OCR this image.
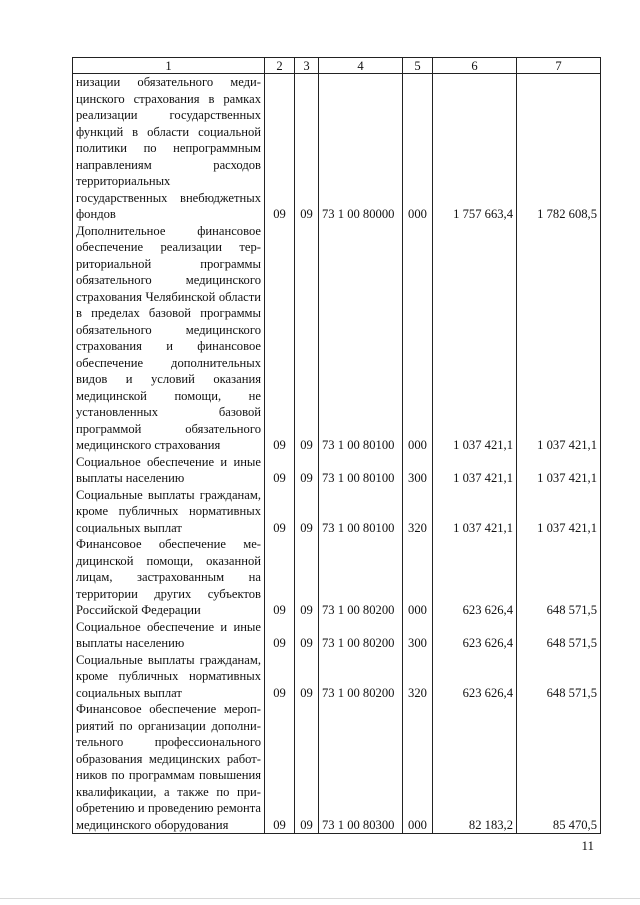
1	2	3	4	5	6	7
низации обязательного медицинского страхования в рамках реализации государственных функций в области социальной политики по непрограммным направлениям расходов территориальных государственных внебюджетных фондов	09	09	73 1 00 80000	000	1 757 663,4	1 782 608,5
Дополнительное финансовое обеспечение реализации территориальной программы обязательного медицинского страхования Челябинской области в пределах базовой программы обязательного медицинского страхования и финансовое обеспечение дополнительных видов и условий оказания медицинской помощи, не установленных базовой программой обязательного медицинского страхования	09	09	73 1 00 80100	000	1 037 421,1	1 037 421,1
Социальное обеспечение и иные выплаты населению	09	09	73 1 00 80100	300	1 037 421,1	1 037 421,1
Социальные выплаты гражданам, кроме публичных нормативных социальных выплат	09	09	73 1 00 80100	320	1 037 421,1	1 037 421,1
Финансовое обеспечение медицинской помощи, оказанной лицам, застрахованным на территории других субъектов Российской Федерации	09	09	73 1 00 80200	000	623 626,4	648 571,5
Социальное обеспечение и иные выплаты населению	09	09	73 1 00 80200	300	623 626,4	648 571,5
Социальные выплаты гражданам, кроме публичных нормативных социальных выплат	09	09	73 1 00 80200	320	623 626,4	648 571,5
Финансовое обеспечение мероприятий по организации дополнительного профессионального образования медицинских работников по программам повышения квалификации, а также по приобретению и проведению ремонта медицинского оборудования	09	09	73 1 00 80300	000	82 183,2	85 470,5
11
